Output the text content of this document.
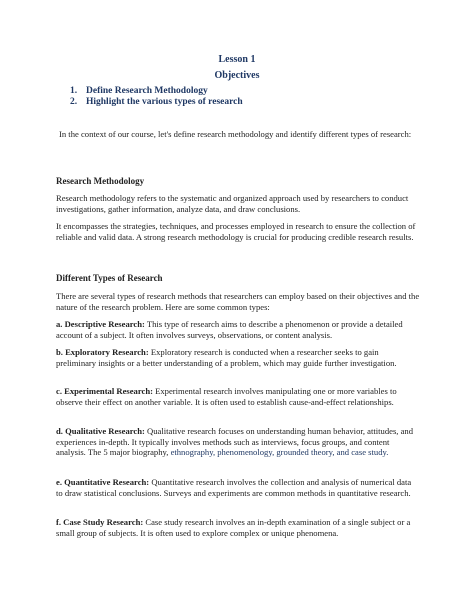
Lesson 1
Objectives
1. Define Research Methodology
2. Highlight the various types of research
In the context of our course, let's define research methodology and identify different types of research:
Research Methodology
Research methodology refers to the systematic and organized approach used by researchers to conduct investigations, gather information, analyze data, and draw conclusions.
It encompasses the strategies, techniques, and processes employed in research to ensure the collection of reliable and valid data. A strong research methodology is crucial for producing credible research results.
Different Types of Research
There are several types of research methods that researchers can employ based on their objectives and the nature of the research problem. Here are some common types:
a. Descriptive Research: This type of research aims to describe a phenomenon or provide a detailed account of a subject. It often involves surveys, observations, or content analysis.
b. Exploratory Research: Exploratory research is conducted when a researcher seeks to gain preliminary insights or a better understanding of a problem, which may guide further investigation.
c. Experimental Research: Experimental research involves manipulating one or more variables to observe their effect on another variable. It is often used to establish cause-and-effect relationships.
d. Qualitative Research: Qualitative research focuses on understanding human behavior, attitudes, and experiences in-depth. It typically involves methods such as interviews, focus groups, and content analysis. The 5 major biography, ethnography, phenomenology, grounded theory, and case study.
e. Quantitative Research: Quantitative research involves the collection and analysis of numerical data to draw statistical conclusions. Surveys and experiments are common methods in quantitative research.
f. Case Study Research: Case study research involves an in-depth examination of a single subject or a small group of subjects. It is often used to explore complex or unique phenomena.
